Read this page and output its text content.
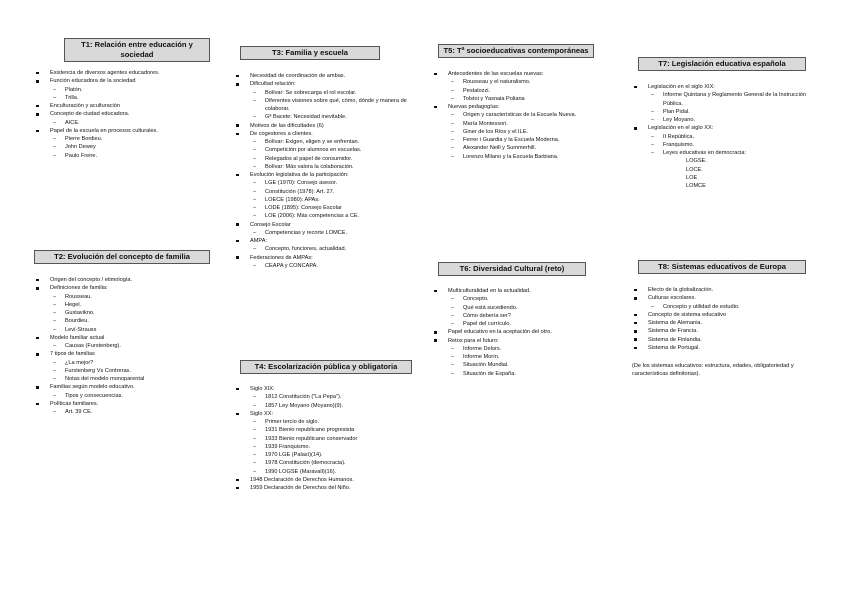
T1: Relación entre educación y sociedad
Existencia de diversos agentes educadores.
Función educadora de la sociedad
– Platón.
– Trilla.
Enculturación y aculturación
Concepto de ciudad educadora.
– AICE.
Papel de la escuela en procesos culturales.
– Pierre Bordieu.
– John Dewey
– Paulo Freire.
T2: Evolución del concepto de familia
Origen del concepto / etimología.
Definiciones de familia:
– Rousseau.
– Hegel.
– Gustavikno.
– Bourdieu.
– Leví-Strauss
Modelo familiar actual
– Causas (Furstenberg).
7 tipos de familias
– ¿La mejor?
– Furstenberg Vs Contreras.
– Notas del modelo monoparental
Familias según modelo educativo.
– Tipos y consecuencias.
Políticas familiares.
– Art. 39 CE.
T3: Familia y escuela
Necesidad de coordinación de ambas.
Dificultad relación:
– Bolívar: Se sobrecarga el rol escolar.
– Diferentes visiones sobre qué, cómo, dónde y manera de colaborar.
– Gª Bacete: Necesidad inevitable.
Motivos de las dificultades (6)
De cogestores a clientes.
– Bolívar: Exigen, eligen y se enfrentan.
– Competición por alumnos en escuelas.
– Relegados al papel de consumidor.
– Bolívar: Más valora la colaboración.
Evolución legislativa de la participación:
– LGE (1970): Consejo asesor.
– Constitución (1978): Art. 27.
– LOECE (1980): APAs.
– LODE (1895): Consejo Escolar
– LOE (2006): Más competencias a CE.
Consejo Escolar
– Competencias y recorte LOMCE.
AMPA:
– Concepto, funciones, actualidad.
Federaciones de AMPAs:
– CEAPA y CONCAPA.
T4: Escolarización pública y obligatoria
Siglo XIX:
– 1812 Constitución ("La Pepa").
– 1857 Ley Moyano (Moyano)(9).
Siglo XX:
– Primer tercio de siglo.
– 1931 Bienio republicano progresista
– 1933 Bienio republicano conservador
– 1939 Franquismo.
– 1970 LGE (Palasí)(14).
– 1978 Constitución (democracia).
– 1990 LOGSE (Maravall)(16).
1948 Declaración de Derechos Humanos.
1959 Declaración de Derechos del Niño.
T5: Tª socioeducativas contemporáneas
Antecedentes de las escuelas nuevas:
– Rousseau y el naturalismo.
– Pestalozzi.
– Tolstoi y Yasnaia Poliana
Nuevas pedagogías:
– Origen y características de la Escuela Nueva.
– María Montessori.
– Giner de los Ríos y el ILE.
– Ferrer i Guardia y la Escuela Moderna.
– Alexander Neill y Summerhill.
– Lorenzo Milano y la Escuela Barbiana.
T6: Diversidad Cultural (reto)
Multiculturalidad en la actualidad.
– Concepto.
– Qué está sucediendo.
– Cómo debería ser?
– Papel del currículo.
Papel educativo en la aceptación del otro.
Retos para el futuro:
– Informe Delors.
– Informe Morín.
– Situación Mundial.
– Situación de España.
T7: Legislación educativa española
Legislación en el siglo XIX:
– Informe Quintana y Reglamento General de la Instrucción Pública.
– Plan Pidal.
– Ley Moyano.
Legislación en el siglo XX:
– II República.
– Franquismo.
– Leyes educativas en democracia:
LOGSE.
LOCE.
LOE
LOMCE
T8: Sistemas educativos de Europa
Efecto de la globalización.
Culturas escolares.
– Concepto y utilidad de estudio.
Concepto de sistema educativo
Sistema de Alemania.
Sistema de Francia.
Sistema de Finlandia.
Sistema de Portugal.
(De los sistemas educativos: estructura, edades, obligatoriedad y características definitorias).
